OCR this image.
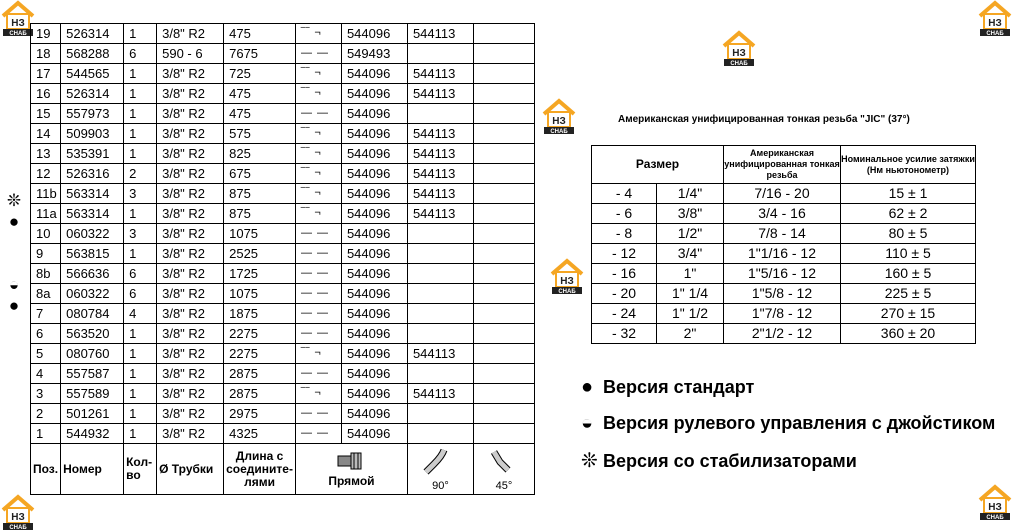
НЗ
СНАБ
НЗ
СНАБ
НЗ
СНАБ
НЗ
СНАБ
НЗ
СНАБ
НЗ
СНАБ
НЗ
СНАБ
❊
●
◒
●
19	526314	1	3/8" R2	475	‾‾ ¬	544096	544113	
18	568288	6	590 - 6	7675	— —	549493		
17	544565	1	3/8" R2	725	‾‾ ¬	544096	544113	
16	526314	1	3/8" R2	475	‾‾ ¬	544096	544113	
15	557973	1	3/8" R2	475	— —	544096		
14	509903	1	3/8" R2	575	‾‾ ¬	544096	544113	
13	535391	1	3/8" R2	825	‾‾ ¬	544096	544113	
12	526316	2	3/8" R2	675	‾‾ ¬	544096	544113	
11b	563314	3	3/8" R2	875	‾‾ ¬	544096	544113	
11a	563314	1	3/8" R2	875	‾‾ ¬	544096	544113	
10	060322	3	3/8" R2	1075	— —	544096		
9	563815	1	3/8" R2	2525	— —	544096		
8b	566636	6	3/8" R2	1725	— —	544096		
8a	060322	6	3/8" R2	1075	— —	544096		
7	080784	4	3/8" R2	1875	— —	544096		
6	563520	1	3/8" R2	2275	— —	544096		
5	080760	1	3/8" R2	2275	‾‾ ¬	544096	544113	
4	557587	1	3/8" R2	2875	— —	544096		
3	557589	1	3/8" R2	2875	‾‾ ¬	544096	544113	
2	501261	1	3/8" R2	2975	— —	544096		
1	544932	1	3/8" R2	4325	— —	544096		
Поз.	Номер	Кол-во	Ø Трубки	Длина с соедините-лями	Прямой		90°	45°
Американская унифицированная тонкая резьба "JIC" (37°)
Размер		Американская унифицированная тонкая резьба	Номинальное усилие затяжки (Нм ньютонометр)
- 4	1/4"	7/16 - 20	15 ± 1
- 6	3/8"	3/4 - 16	62 ± 2
- 8	1/2"	7/8 - 14	80 ± 5
- 12	3/4"	1"1/16 - 12	110 ± 5
- 16	1"	1"5/16 - 12	160 ± 5
- 20	1" 1/4	1"5/8 - 12	225 ± 5
- 24	1" 1/2	1"7/8 - 12	270 ± 15
- 32	2"	2"1/2 - 12	360 ± 20
● Версия стандарт
◒ Версия рулевого управления с джойстиком
❊ Версия со стабилизаторами
